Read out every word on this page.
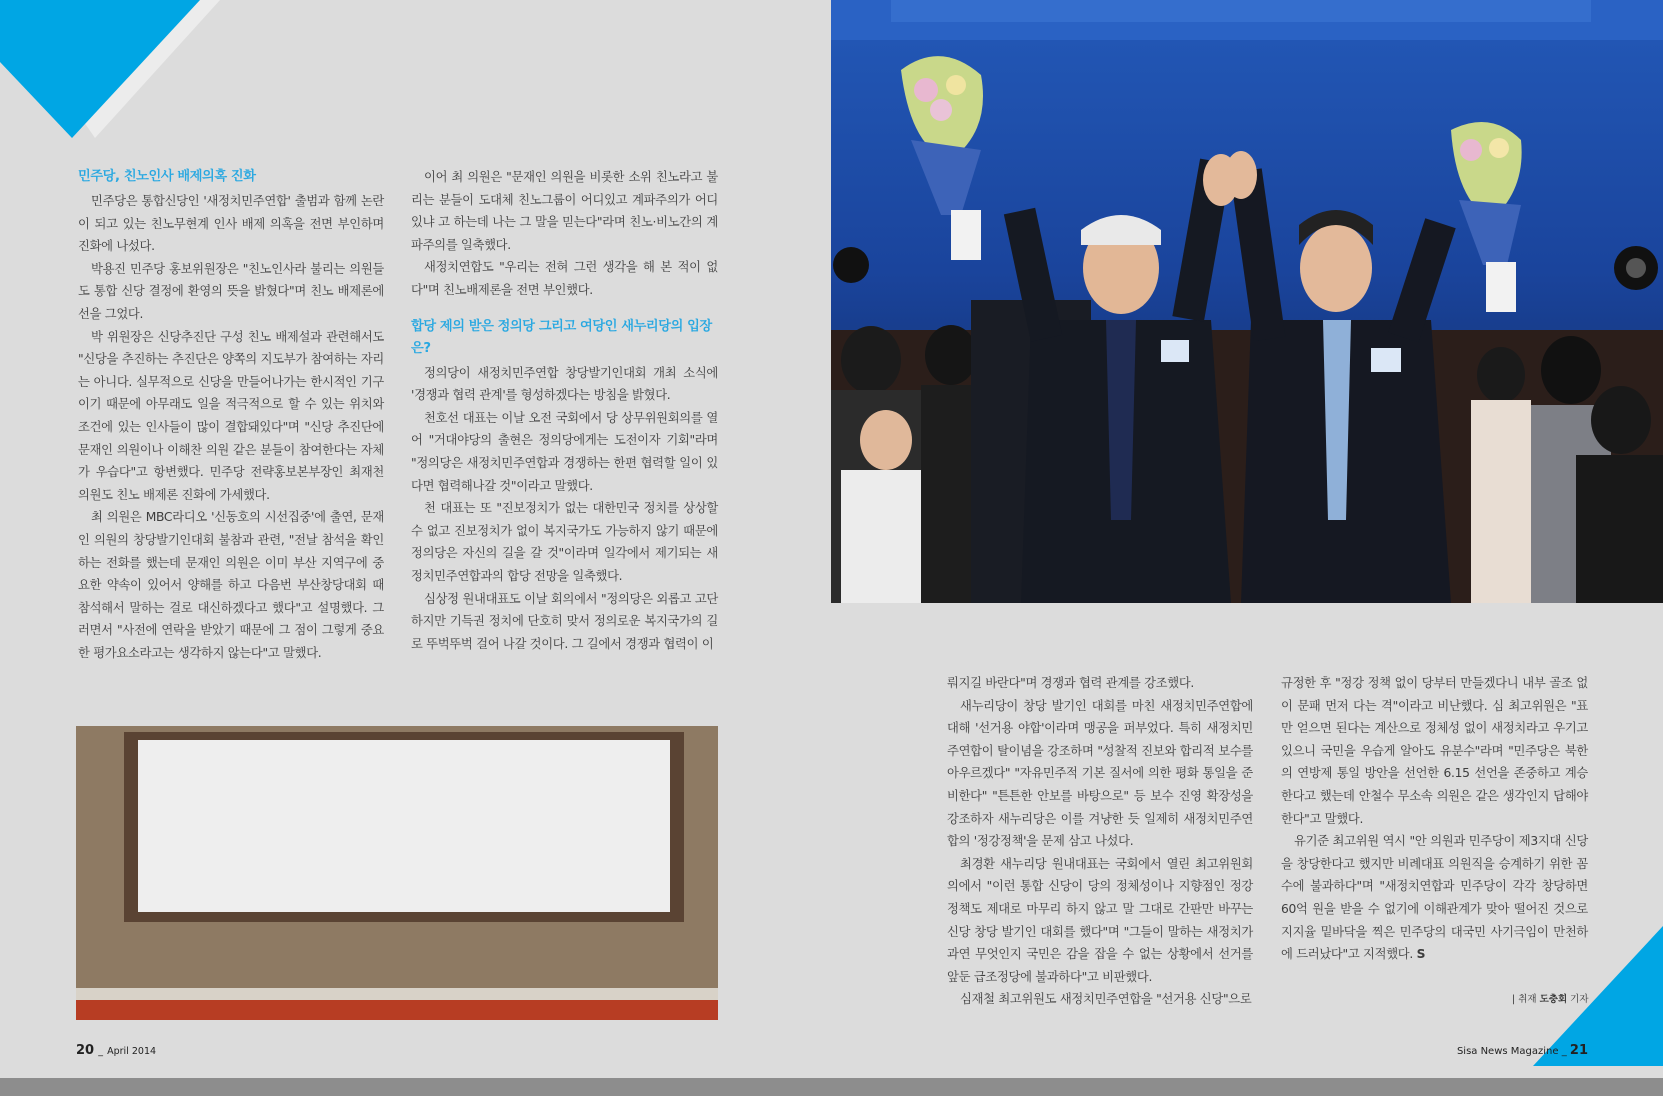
민주당, 친노인사 배제의혹 진화

민주당은 통합신당인 '새정치민주연합' 출범과 함께 논란이 되고 있는 친노무현계 인사 배제 의혹을 전면 부인하며 진화에 나섰다.

박용진 민주당 홍보위원장은 "친노인사라 불리는 의원들도 통합 신당 결정에 환영의 뜻을 밝혔다"며 친노 배제론에 선을 그었다.

박 위원장은 신당추진단 구성 친노 배제설과 관련해서도 "신당을 추진하는 추진단은 양쪽의 지도부가 참여하는 자리는 아니다. 실무적으로 신당을 만들어나가는 한시적인 기구이기 때문에 아무래도 일을 적극적으로 할 수 있는 위치와 조건에 있는 인사들이 많이 결합돼있다"며 "신당 추진단에 문재인 의원이나 이해찬 의원 같은 분들이 참여한다는 자체가 우습다"고 항변했다. 민주당 전략홍보본부장인 최재천 의원도 친노 배제론 진화에 가세했다.

최 의원은 MBC라디오 '신동호의 시선집중'에 출연, 문재인 의원의 창당발기인대회 불참과 관련, "전날 참석을 확인하는 전화를 했는데 문재인 의원은 이미 부산 지역구에 중요한 약속이 있어서 양해를 하고 다음번 부산창당대회 때 참석해서 말하는 걸로 대신하겠다고 했다"고 설명했다. 그러면서 "사전에 연락을 받았기 때문에 그 점이 그렇게 중요한 평가요소라고는 생각하지 않는다"고 말했다.

이어 최 의원은 "문재인 의원을 비롯한 소위 친노라고 불리는 분들이 도대체 친노그룹이 어디있고 계파주의가 어디있냐 고 하는데 나는 그 말을 믿는다"라며 친노·비노간의 계파주의를 일축했다.

새정치연합도 "우리는 전혀 그런 생각을 해 본 적이 없다"며 친노배제론을 전면 부인했다.

합당 제의 받은 정의당 그리고 여당인 새누리당의 입장은?

정의당이 새정치민주연합 창당발기인대회 개최 소식에 '경쟁과 협력 관계'를 형성하겠다는 방침을 밝혔다.

천호선 대표는 이날 오전 국회에서 당 상무위원회의를 열어 "거대야당의 출현은 정의당에게는 도전이자 기회"라며 "정의당은 새정치민주연합과 경쟁하는 한편 협력할 일이 있다면 협력해나갈 것"이라고 말했다.

천 대표는 또 "진보정치가 없는 대한민국 정치를 상상할 수 없고 진보정치가 없이 복지국가도 가능하지 않기 때문에 정의당은 자신의 길을 갈 것"이라며 일각에서 제기되는 새정치민주연합과의 합당 전망을 일축했다.

심상정 원내대표도 이날 회의에서 "정의당은 외롭고 고단하지만 기득권 정치에 단호히 맞서 정의로운 복지국가의 길로 뚜벅뚜벅 걸어 나갈 것이다. 그 길에서 경쟁과 협력이 이

뤄지길 바란다"며 경쟁과 협력 관계를 강조했다.

새누리당이 창당 발기인 대회를 마친 새정치민주연합에 대해 '선거용 야합'이라며 맹공을 퍼부었다. 특히 새정치민주연합이 탈이념을 강조하며 "성찰적 진보와 합리적 보수를 아우르겠다" "자유민주적 기본 질서에 의한 평화 통일을 준비한다" "튼튼한 안보를 바탕으로" 등 보수 진영 확장성을 강조하자 새누리당은 이를 겨냥한 듯 일제히 새정치민주연합의 '정강정책'을 문제 삼고 나섰다.

최경환 새누리당 원내대표는 국회에서 열린 최고위원회의에서 "이런 통합 신당이 당의 정체성이나 지향점인 정강정책도 제대로 마무리 하지 않고 말 그대로 간판만 바꾸는 신당 창당 발기인 대회를 했다"며 "그들이 말하는 새정치가 과연 무엇인지 국민은 감을 잡을 수 없는 상황에서 선거를 앞둔 급조정당에 불과하다"고 비판했다.

심재철 최고위원도 새정치민주연합을 "선거용 신당"으로

규정한 후 "정강 정책 없이 당부터 만들겠다니 내부 골조 없이 문패 먼저 다는 격"이라고 비난했다. 심 최고위원은 "표만 얻으면 된다는 계산으로 정체성 없이 새정치라고 우기고 있으니 국민을 우습게 알아도 유분수"라며 "민주당은 북한의 연방제 통일 방안을 선언한 6.15 선언을 존중하고 계승한다고 했는데 안철수 무소속 의원은 같은 생각인지 답해야 한다"고 말했다.

유기준 최고위원 역시 "안 의원과 민주당이 제3지대 신당을 창당한다고 했지만 비례대표 의원직을 승계하기 위한 꼼수에 불과하다"며 "새정치연합과 민주당이 각각 창당하면 60억 원을 받을 수 없기에 이해관계가 맞아 떨어진 것으로 지지율 밑바닥을 찍은 민주당의 대국민 사기극임이 만천하에 드러났다"고 지적했다. S

| 취재 도충회 기자
20 _ April 2014	Sisa News Magazine _ 21
